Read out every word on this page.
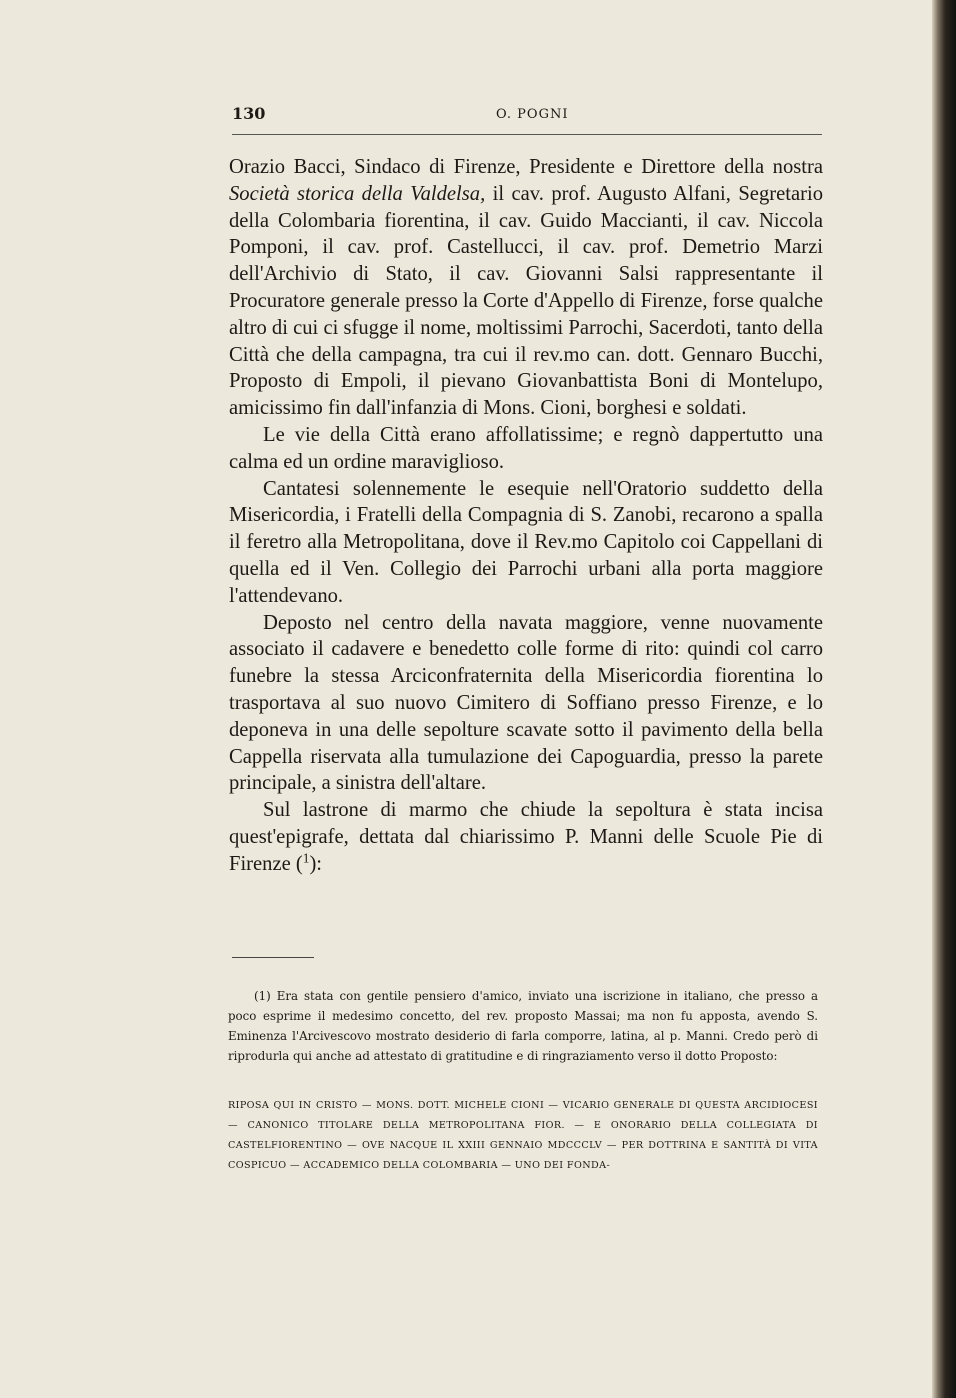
130	O. POGNI

Orazio Bacci, Sindaco di Firenze, Presidente e Direttore della nostra Società storica della Valdelsa, il cav. prof. Augusto Alfani, Segretario della Colombaria fiorentina, il cav. Guido Maccianti, il cav. Niccola Pomponi, il cav. prof. Castellucci, il cav. prof. Demetrio Marzi dell'Archivio di Stato, il cav. Giovanni Salsi rappresentante il Procuratore generale presso la Corte d'Appello di Firenze, forse qualche altro di cui ci sfugge il nome, moltissimi Parrochi, Sacerdoti, tanto della Città che della campagna, tra cui il rev.mo can. dott. Gennaro Bucchi, Proposto di Empoli, il pievano Giovanbattista Boni di Montelupo, amicissimo fin dall'infanzia di Mons. Cioni, borghesi e soldati.

Le vie della Città erano affollatissime; e regnò dappertutto una calma ed un ordine maraviglioso.

Cantatesi solennemente le esequie nell'Oratorio suddetto della Misericordia, i Fratelli della Compagnia di S. Zanobi, recarono a spalla il feretro alla Metropolitana, dove il Rev.mo Capitolo coi Cappellani di quella ed il Ven. Collegio dei Parrochi urbani alla porta maggiore l'attendevano.

Deposto nel centro della navata maggiore, venne nuovamente associato il cadavere e benedetto colle forme di rito: quindi col carro funebre la stessa Arciconfraternita della Misericordia fiorentina lo trasportava al suo nuovo Cimitero di Soffiano presso Firenze, e lo deponeva in una delle sepolture scavate sotto il pavimento della bella Cappella riservata alla tumulazione dei Capoguardia, presso la parete principale, a sinistra dell'altare.

Sul lastrone di marmo che chiude la sepoltura è stata incisa quest'epigrafe, dettata dal chiarissimo P. Manni delle Scuole Pie di Firenze ($^1$):

(1) Era stata con gentile pensiero d'amico, inviato una iscrizione in italiano, che presso a poco esprime il medesimo concetto, del rev. proposto Massai; ma non fu apposta, avendo S. Eminenza l'Arcivescovo mostrato desiderio di farla comporre, latina, al p. Manni. Credo però di riprodurla qui anche ad attestato di gratitudine e di ringraziamento verso il dotto Proposto:

RIPOSA QUI IN CRISTO — MONS. DOTT. MICHELE CIONI — VICARIO GENERALE DI QUESTA ARCIDIOCESI — CANONICO TITOLARE DELLA METROPOLITANA FIOR. — E ONORARIO DELLA COLLEGIATA DI CASTELFIORENTINO — OVE NACQUE IL XXIII GENNAIO MDCCCLV — PER DOTTRINA E SANTITÀ DI VITA COSPICUO — ACCADEMICO DELLA COLOMBARIA — UNO DEI FONDA-
